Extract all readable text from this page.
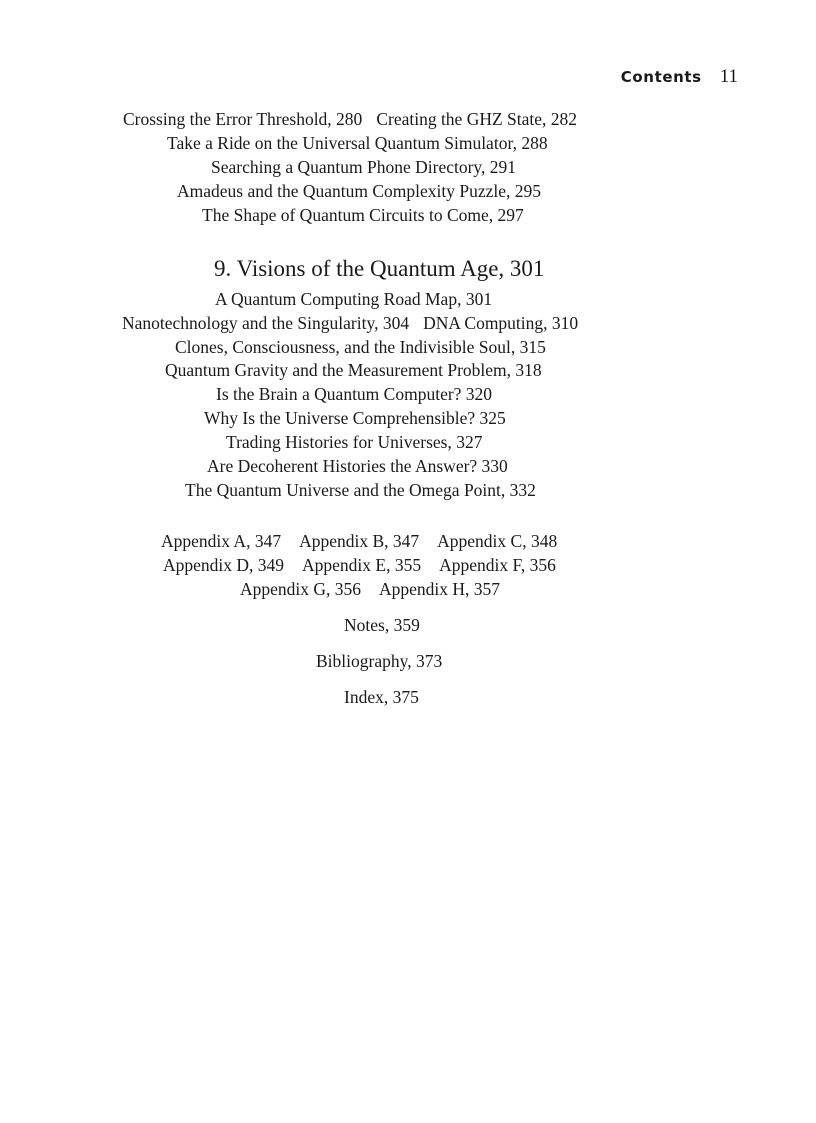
Contents 11
Crossing the Error Threshold, 280 Creating the GHZ State, 282
Take a Ride on the Universal Quantum Simulator, 288
Searching a Quantum Phone Directory, 291
Amadeus and the Quantum Complexity Puzzle, 295
The Shape of Quantum Circuits to Come, 297
9. Visions of the Quantum Age, 301
A Quantum Computing Road Map, 301
Nanotechnology and the Singularity, 304 DNA Computing, 310
Clones, Consciousness, and the Indivisible Soul, 315
Quantum Gravity and the Measurement Problem, 318
Is the Brain a Quantum Computer? 320
Why Is the Universe Comprehensible? 325
Trading Histories for Universes, 327
Are Decoherent Histories the Answer? 330
The Quantum Universe and the Omega Point, 332
Appendix A, 347 Appendix B, 347 Appendix C, 348
Appendix D, 349 Appendix E, 355 Appendix F, 356
Appendix G, 356 Appendix H, 357
Notes, 359
Bibliography, 373
Index, 375
